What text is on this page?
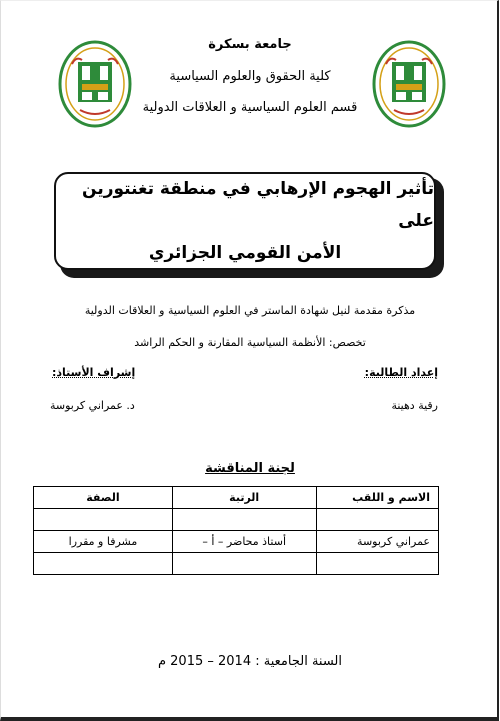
جامعة بسكرة
كلية الحقوق والعلوم السياسية
قسم العلوم السياسية و العلاقات الدولية
تأثير الهجوم الإرهابي في منطقة تغنتورين على
الأمن القومي الجزائري
مذكرة مقدمة لنيل شهادة الماستر في العلوم السياسية و العلاقات الدولية
تخصص: الأنظمة السياسية المقارنة و الحكم الراشد
إعداد الطالبة:
إشراف الأستاذ:
رقية دهينة
د. عمراني كربوسة
لجنة المناقشة
الاسم و اللقب	الرتبة	الصفة

عمراني كربوسة	أستاذ محاضر – أ –	مشرفا و مقررا

السنة الجامعية : 2014 – 2015 م
